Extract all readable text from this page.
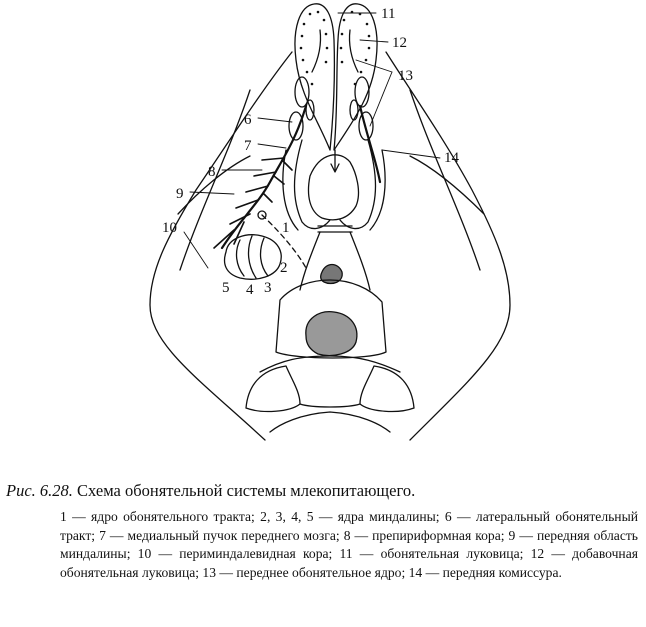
11
12
13
6
7
8
9
14
10	1
2
5 4 3
Рис. 6.28. Схема обонятельной системы млекопитающего.
1 — ядро обонятельного тракта; 2, 3, 4, 5 — ядра миндалины; 6 — латеральный обонятельный тракт; 7 — медиальный пучок переднего мозга; 8 — препириформная кора; 9 — передняя область миндалины; 10 — периминдалевидная кора; 11 — обонятельная луковица; 12 — добавочная обонятельная луковица; 13 — переднее обонятельное ядро; 14 — передняя комиссура.
